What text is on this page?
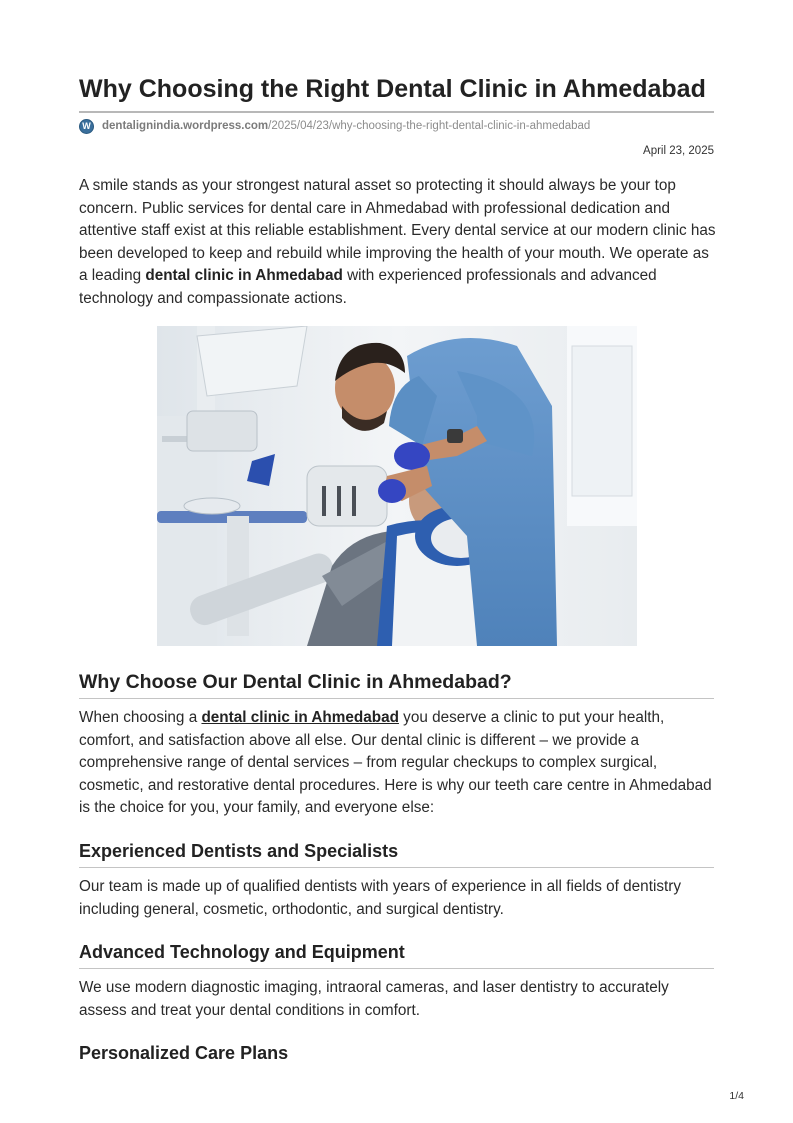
Why Choosing the Right Dental Clinic in Ahmedabad
W dentalignindia.wordpress.com/2025/04/23/why-choosing-the-right-dental-clinic-in-ahmedabad
April 23, 2025

A smile stands as your strongest natural asset so protecting it should always be your top concern. Public services for dental care in Ahmedabad with professional dedication and attentive staff exist at this reliable establishment. Every dental service at our modern clinic has been developed to keep and rebuild while improving the health of your mouth. We operate as a leading dental clinic in Ahmedabad with experienced professionals and advanced technology and compassionate actions.

Why Choose Our Dental Clinic in Ahmedabad?

When choosing a dental clinic in Ahmedabad you deserve a clinic to put your health, comfort, and satisfaction above all else. Our dental clinic is different – we provide a comprehensive range of dental services – from regular checkups to complex surgical, cosmetic, and restorative dental procedures. Here is why our teeth care centre in Ahmedabad is the choice for you, your family, and everyone else:

Experienced Dentists and Specialists

Our team is made up of qualified dentists with years of experience in all fields of dentistry including general, cosmetic, orthodontic, and surgical dentistry.

Advanced Technology and Equipment

We use modern diagnostic imaging, intraoral cameras, and laser dentistry to accurately assess and treat your dental conditions in comfort.

Personalized Care Plans
1/4
